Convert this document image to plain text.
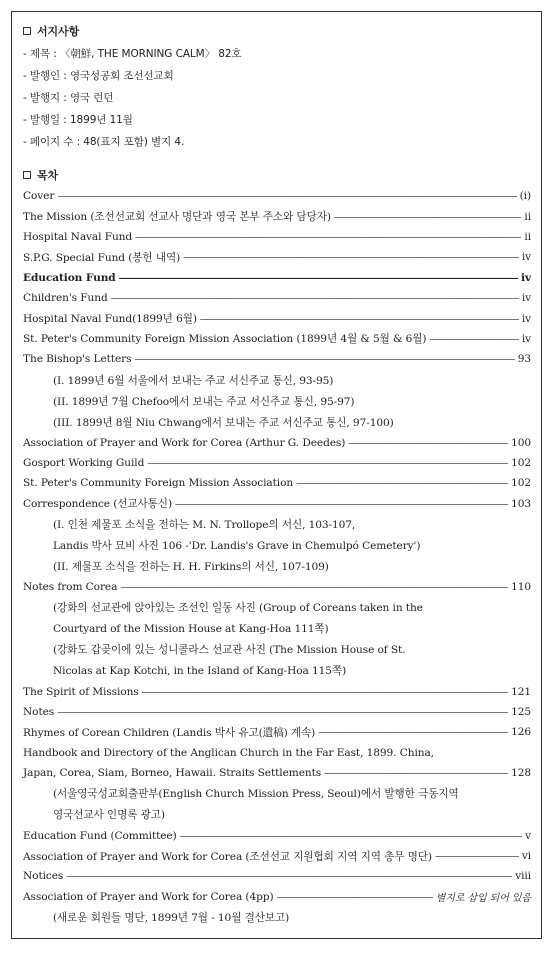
서지사항
- 제목 : 〈朝鮮, THE MORNING CALM〉 82호
- 발행인 : 영국성공회 조선선교회
- 발행지 : 영국 런던
- 발행일 : 1899년 11월
- 페이지 수 : 48(표지 포함) 별지 4.
목차
Cover —————	(i)
The Mission (조선선교회 선교사 명단과 영국 본부 주소와 담당자) —————	ii
Hospital Naval Fund —————	ii
S.P.G. Special Fund (봉헌 내역) —————	iv
Education Fund —————	iv
Children's Fund —————	iv
Hospital Naval Fund(1899년 6월) —————	iv
St. Peter's Community Foreign Mission Association (1899년 4월 & 5월 & 6월) —————	iv
The Bishop's Letters —————	93
(I. 1899년 6월 서울에서 보내는 주교 서신주교 통신, 93-95)
(II. 1899년 7월 Chefoo에서 보내는 주교 서신주교 통신, 95-97)
(III. 1899년 8월 Niu Chwang에서 보내는 주교 서신주교 통신, 97-100)
Association of Prayer and Work for Corea (Arthur G. Deedes) —————	100
Gosport Working Guild —————	102
St. Peter's Community Foreign Mission Association —————	102
Correspondence (선교사통신) —————	103
(I. 인천 제물포 소식을 전하는 M. N. Trollope의 서신, 103-107,
Landis 박사 묘비 사진 106 -'Dr. Landis's Grave in Chemulpó Cemetery')
(II. 제물포 소식을 전하는 H. H. Firkins의 서신, 107-109)
Notes from Corea —————	110
(강화의 선교관에 앉아있는 조선인 일동 사진 (Group of Coreans taken in the
Courtyard of the Mission House at Kang-Hoa 111쪽)
(강화도 갑곶이에 있는 성니콜라스 선교관 사진 (The Mission House of St.
Nicolas at Kap Kotchi, in the Island of Kang-Hoa 115쪽)
The Spirit of Missions —————	121
Notes —————	125
Rhymes of Corean Children (Landis 박사 유고(遺稿) 계속) —————	126
Handbook and Directory of the Anglican Church in the Far East, 1899. China,
Japan, Corea, Siam, Borneo, Hawaii. Straits Settlements —————	128
(서울영국성교회출판부(English Church Mission Press, Seoul)에서 발행한 극동지역
영국선교사 인명록 광고)
Education Fund (Committee) —————	v
Association of Prayer and Work for Corea (조선선교 지원협회 지역 지역 총무 명단) —————	vi
Notices —————	viii
Association of Prayer and Work for Corea (4pp) —————	별지로 삽입 되어 있음
(새로운 회원들 명단, 1899년 7월 - 10월 결산보고)
